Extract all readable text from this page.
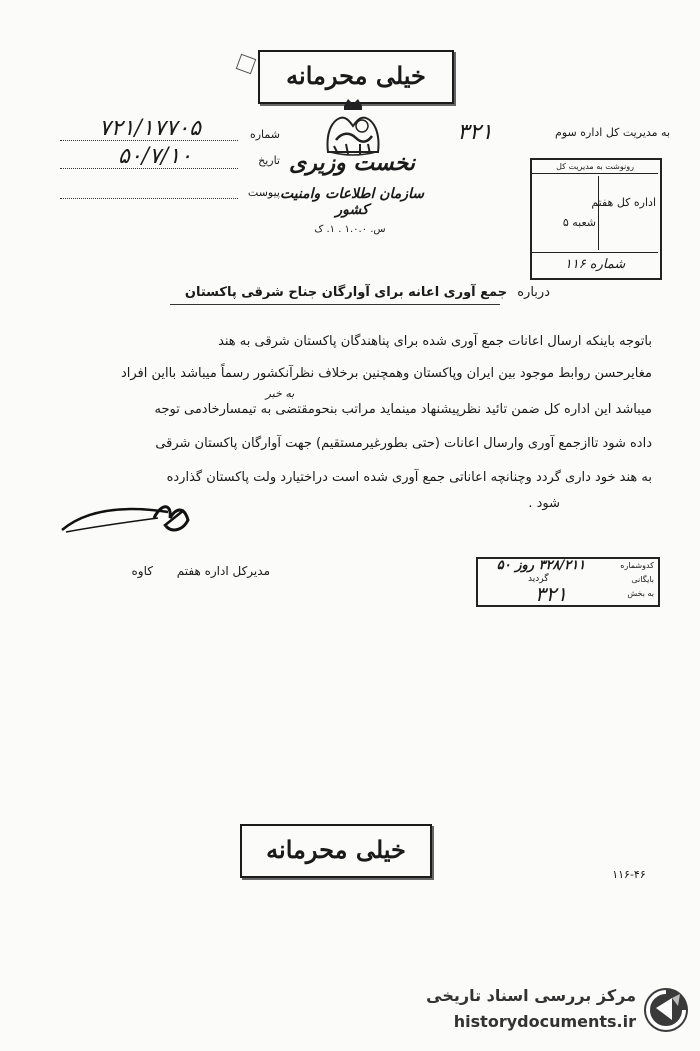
خیلی محرمانه
نخست وزیری
سازمان اطلاعات وامنیت کشور
س. ۱.۰.۰ . ۱. ک
شماره
۷۲۱/۱۷۷۰۵
تاریخ
۵۰/۷/۱۰
پیوست
به مدیریت کل اداره سوم
۳۲۱
رونوشت به مدیریت کل
اداره کل هفتم
شعبه ۵
شماره ۱۱۶
درباره جمع آوری اعانه برای آوارگان جناح شرقی پاکستان
باتوجه باینکه ارسال اعانات جمع آوری شده برای پناهندگان پاکستان شرقی به هند
مغایرحسن روابط موجود بین ایران وپاکستان وهمچنین برخلاف نظرآنکشور رسماً میباشد بااین افراد
به خبر
میباشد این اداره کل ضمن تائید نظرپیشنهاد مینماید مراتب بنحومقتضی به تیمسارخادمی توجه
داده شود تاازجمع آوری وارسال اعانات (حتی بطورغیرمستقیم) جهت آوارگان پاکستان شرقی
به هند خود داری گردد وچنانچه اعاناتی جمع آوری شده است دراختیارد ولت پاکستان گذارده
شود .
مدیرکل اداره هفتم کاوه	کدوشماره
۳۲۸/۲۱۱ روز ۵۰
بایگانی
گردید
به بخش
۳۲۱
خیلی محرمانه
۱۱۶-۴۶
مرکز بررسی اسناد تاریخی
historydocuments.ir
